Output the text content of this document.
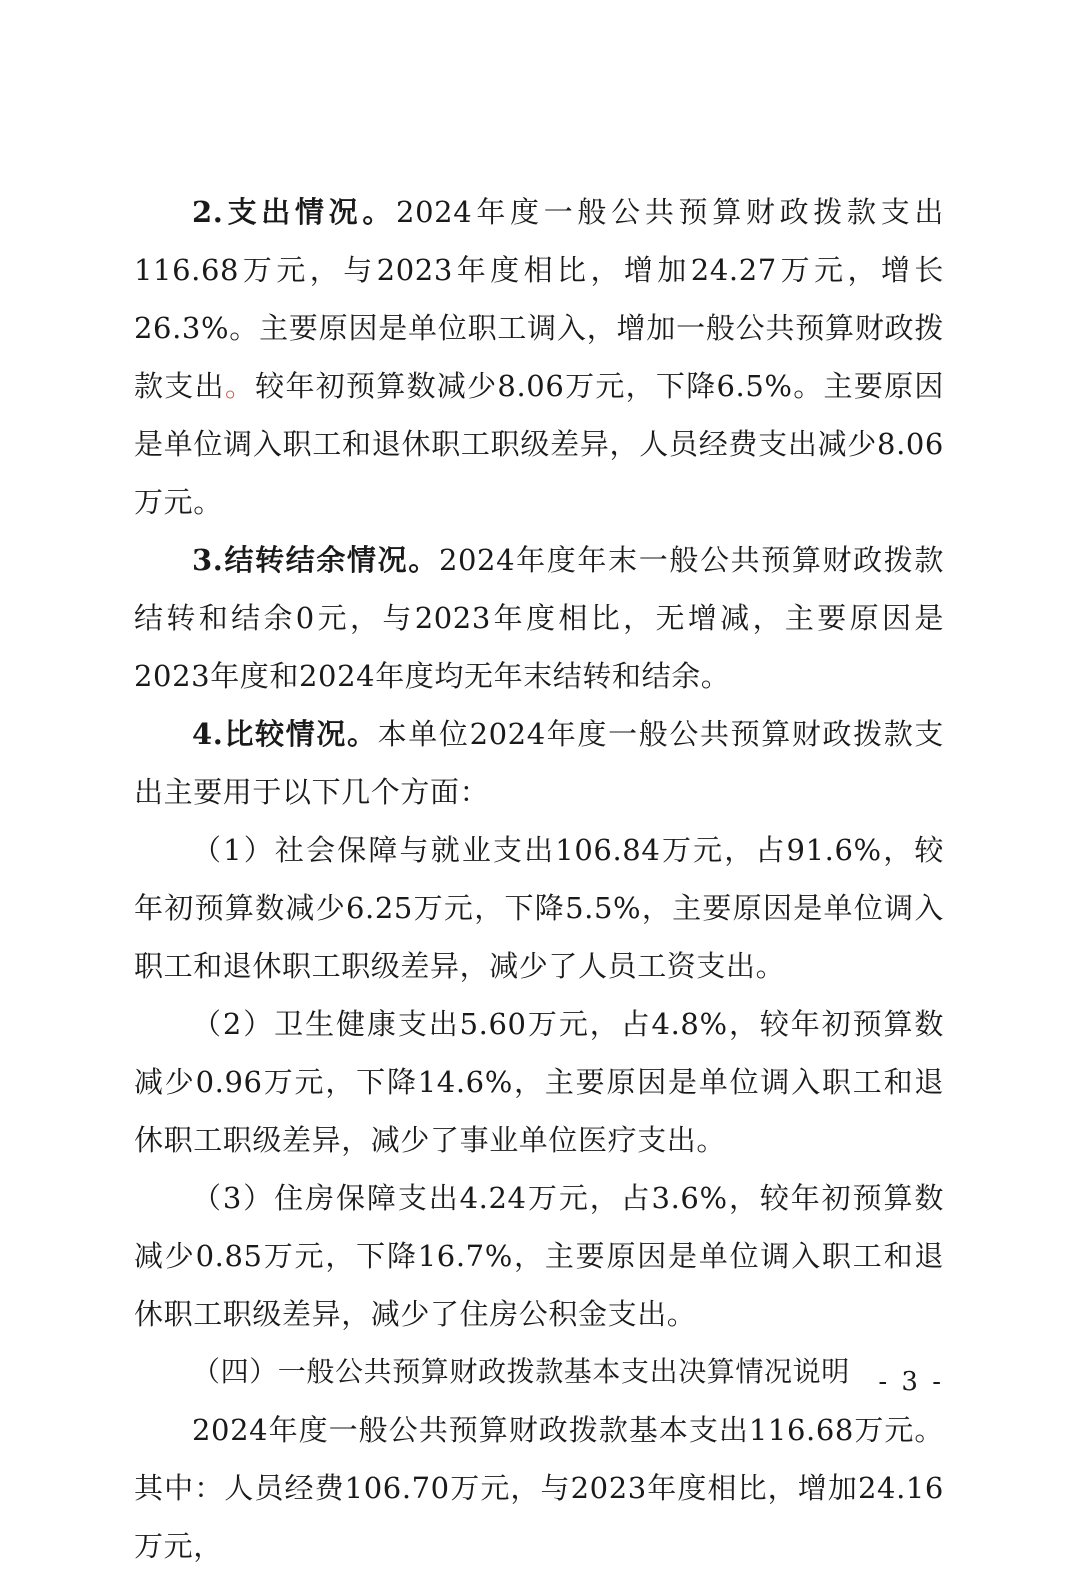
2.支出情况。2024年度一般公共预算财政拨款支出116.68万元，与2023年度相比，增加24.27万元，增长26.3%。主要原因是单位职工调入，增加一般公共预算财政拨款支出。较年初预算数减少8.06万元，下降6.5%。主要原因是单位调入职工和退休职工职级差异，人员经费支出减少8.06万元。

3.结转结余情况。2024年度年末一般公共预算财政拨款结转和结余0元，与2023年度相比，无增减，主要原因是2023年度和2024年度均无年末结转和结余。

4.比较情况。本单位2024年度一般公共预算财政拨款支出主要用于以下几个方面：

（1）社会保障与就业支出106.84万元，占91.6%，较年初预算数减少6.25万元，下降5.5%，主要原因是单位调入职工和退休职工职级差异，减少了人员工资支出。

（2）卫生健康支出5.60万元，占4.8%，较年初预算数减少0.96万元，下降14.6%，主要原因是单位调入职工和退休职工职级差异，减少了事业单位医疗支出。

（3）住房保障支出4.24万元，占3.6%，较年初预算数减少0.85万元，下降16.7%，主要原因是单位调入职工和退休职工职级差异，减少了住房公积金支出。

（四）一般公共预算财政拨款基本支出决算情况说明

2024年度一般公共预算财政拨款基本支出116.68万元。其中：人员经费106.70万元，与2023年度相比，增加24.16万元，

- 3 -
